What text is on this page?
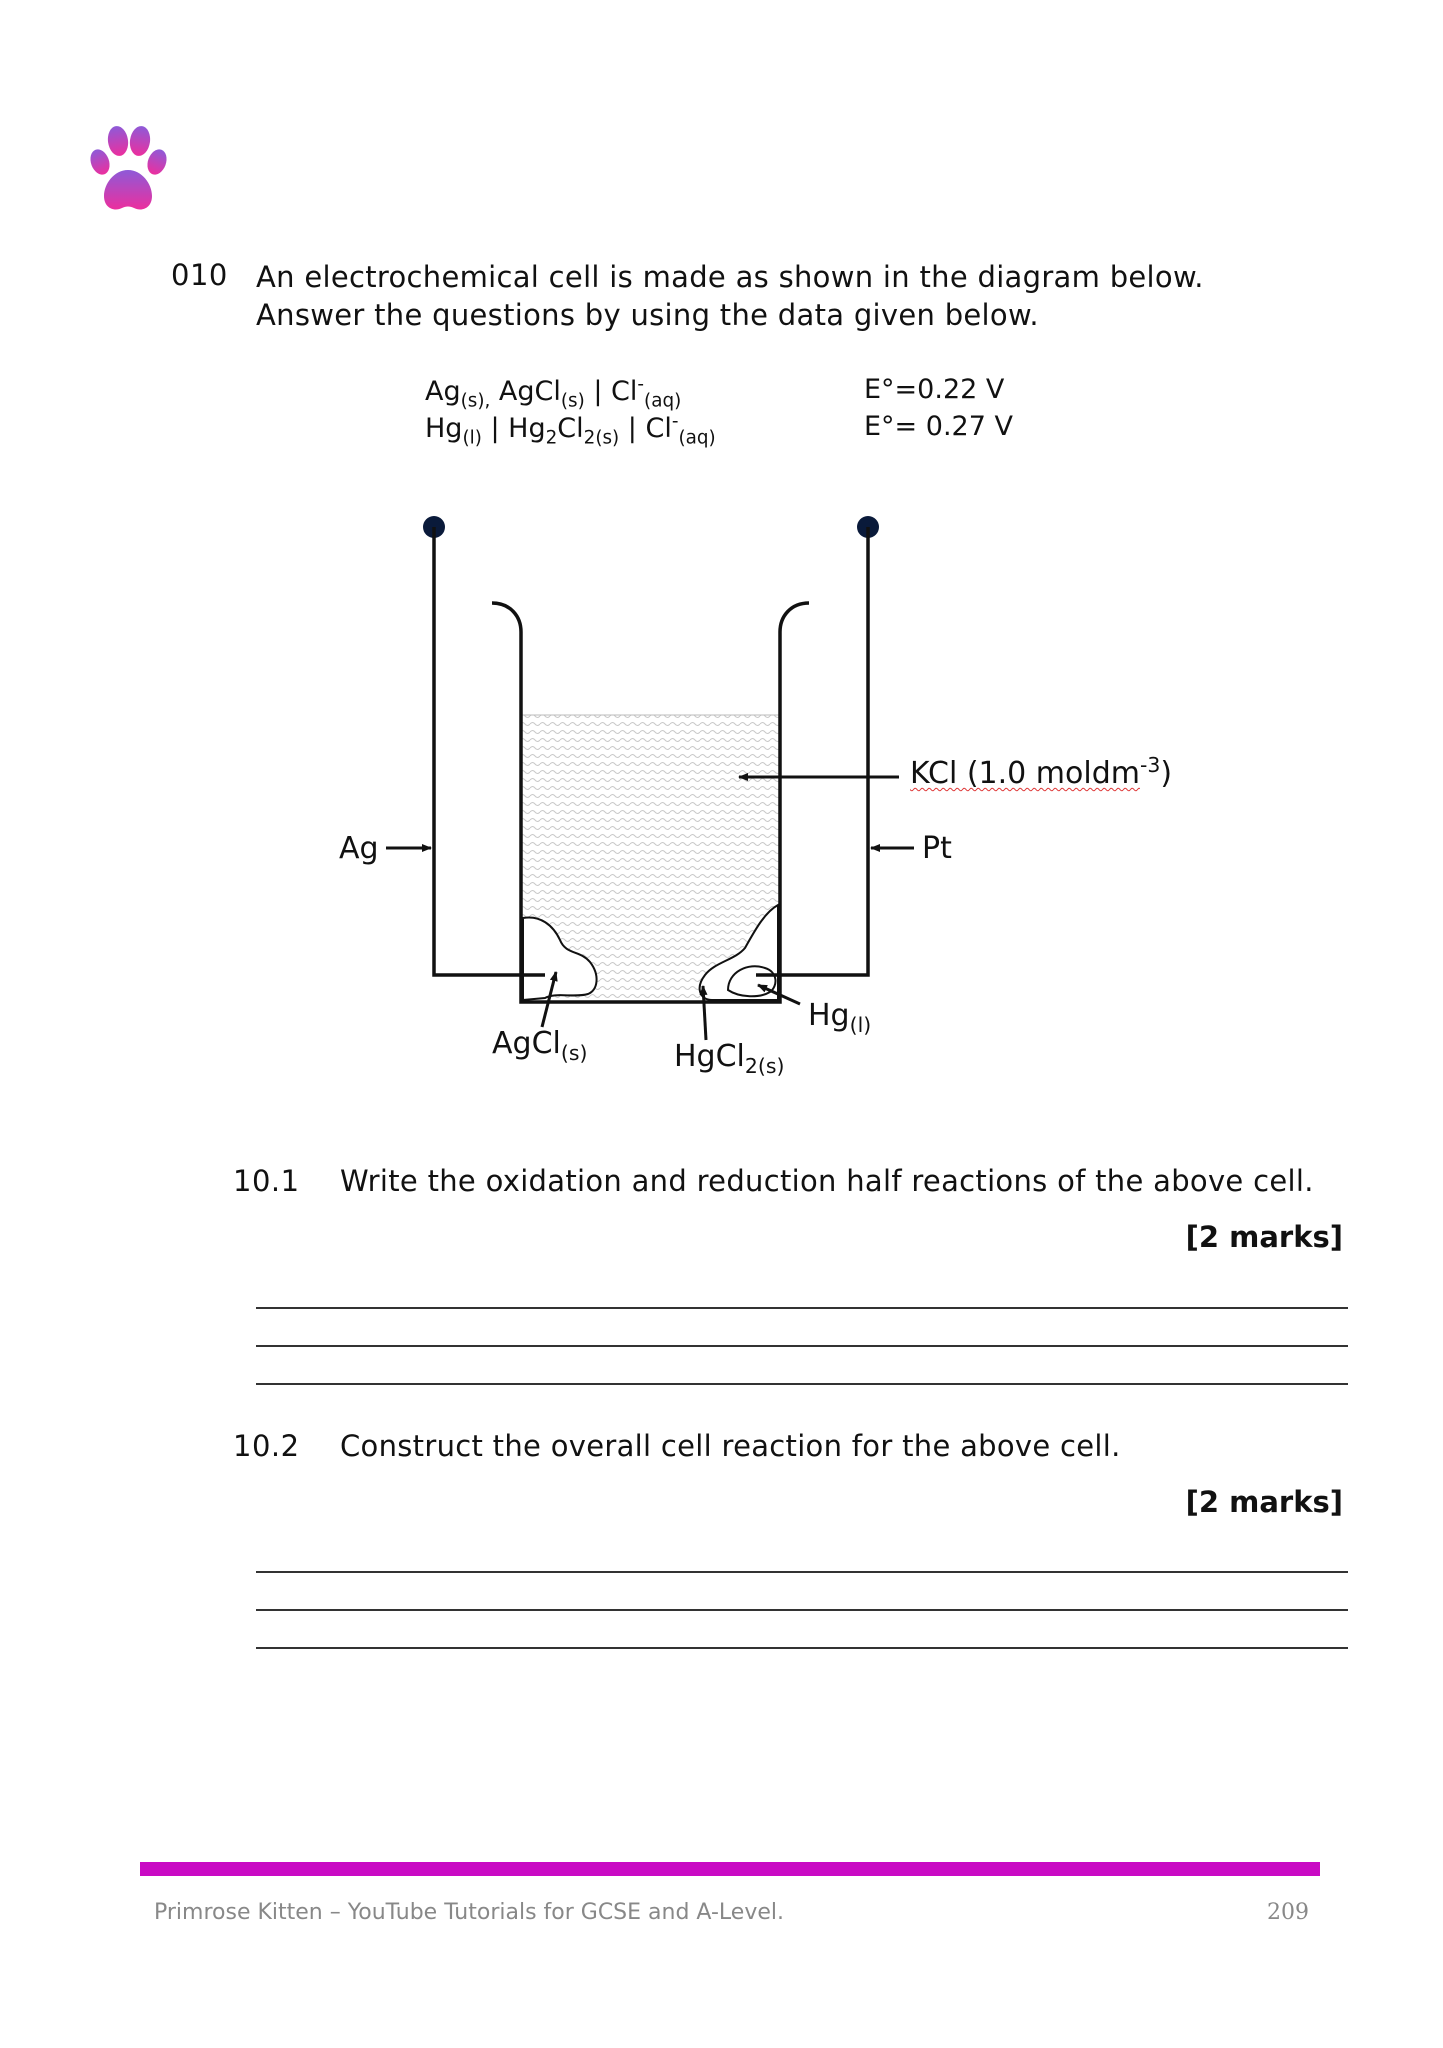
010 An electrochemical cell is made as shown in the diagram below.
Answer the questions by using the data given below.
$Ag_{(s),}$ AgCl$_{(s)}$ | $Cl^-_{(aq)}$	E°=0.22 V
$Hg_{(l)}$ | $Hg_2Cl_{2(s)}$ | $Cl^-_{(aq)}$	E°= 0.27 V
KCl (1.0 moldm$^{-3}$)
Ag	Pt
AgCl$_{(s)}$	HgCl$_{2(s)}$
$Hg_{(l)}$
10.1 Write the oxidation and reduction half reactions of the above cell.
[2 marks]
10.2 Construct the overall cell reaction for the above cell.
[2 marks]
Primrose Kitten – YouTube Tutorials for GCSE and A-Level.	209
